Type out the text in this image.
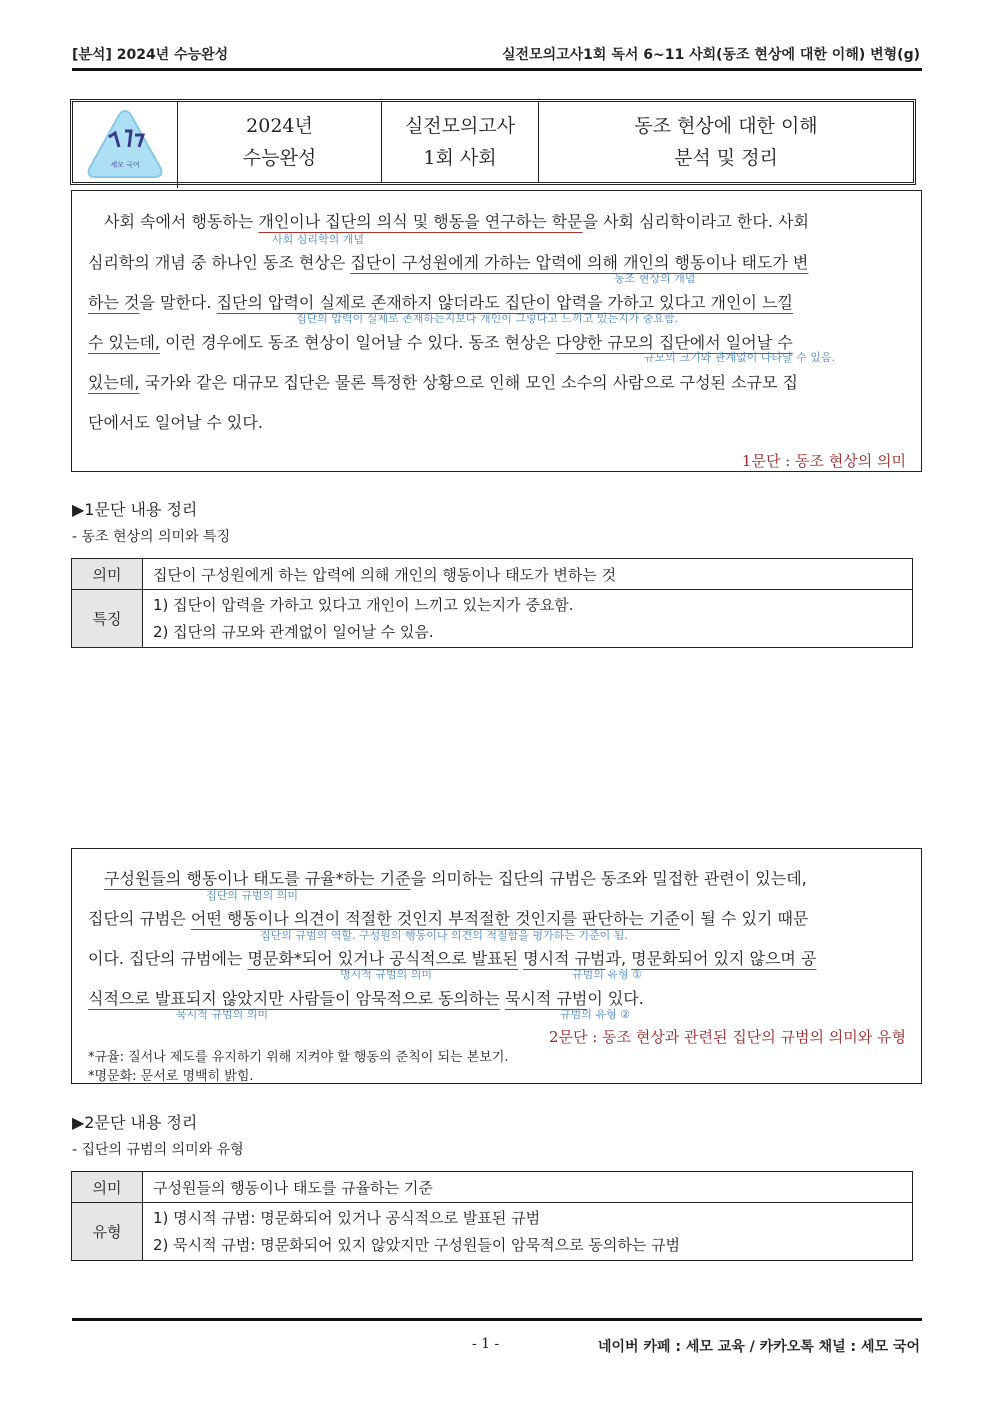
[분석] 2024년 수능완성	실전모의고사1회 독서 6~11 사회(동조 현상에 대한 이해) 변형(g)
세모 국어
2024년
수능완성
실전모의고사
1회 사회
동조 현상에 대한 이해
분석 및 정리
사회 속에서 행동하는 개인이나 집단의 의식 및 행동을 연구하는 학문을 사회 심리학이라고 한다. 사회
사회 심리학의 개념
심리학의 개념 중 하나인 동조 현상은 집단이 구성원에게 가하는 압력에 의해 개인의 행동이나 태도가 변
동조 현상의 개념
하는 것을 말한다. 집단의 압력이 실제로 존재하지 않더라도 집단이 압력을 가하고 있다고 개인이 느낄
집단의 압력이 실제로 존재하는지보다 개인이 그렇다고 느끼고 있는지가 중요함.
수 있는데, 이런 경우에도 동조 현상이 일어날 수 있다. 동조 현상은 다양한 규모의 집단에서 일어날 수
규모의 크기와 관계없이 나타날 수 있음.
있는데, 국가와 같은 대규모 집단은 물론 특정한 상황으로 인해 모인 소수의 사람으로 구성된 소규모 집
단에서도 일어날 수 있다.
1문단 : 동조 현상의 의미
▶1문단 내용 정리
- 동조 현상의 의미와 특징
의미	집단이 구성원에게 하는 압력에 의해 개인의 행동이나 태도가 변하는 것
특징	1) 집단이 압력을 가하고 있다고 개인이 느끼고 있는지가 중요함.
2) 집단의 규모와 관계없이 일어날 수 있음.
구성원들의 행동이나 태도를 규율*하는 기준을 의미하는 집단의 규범은 동조와 밀접한 관련이 있는데,
집단의 규범의 의미
집단의 규범은 어떤 행동이나 의견이 적절한 것인지 부적절한 것인지를 판단하는 기준이 될 수 있기 때문
집단의 규범의 역할. 구성원의 행동이나 의견의 적절함을 평가하는 기준이 됨.
이다. 집단의 규범에는 명문화*되어 있거나 공식적으로 발표된 명시적 규범과, 명문화되어 있지 않으며 공
명시적 규범의 의미	규범의 유형 ①
식적으로 발표되지 않았지만 사람들이 암묵적으로 동의하는 묵시적 규범이 있다.
묵시적 규범의 의미	규범의 유형 ②
2문단 : 동조 현상과 관련된 집단의 규범의 의미와 유형
*규율: 질서나 제도를 유지하기 위해 지켜야 할 행동의 준칙이 되는 본보기.
*명문화: 문서로 명백히 밝힘.
▶2문단 내용 정리
- 집단의 규범의 의미와 유형
의미	구성원들의 행동이나 태도를 규율하는 기준
유형	1) 명시적 규범: 명문화되어 있거나 공식적으로 발표된 규범
2) 묵시적 규범: 명문화되어 있지 않았지만 구성원들이 암묵적으로 동의하는 규범
- 1 -	네이버 카페 : 세모 교육 / 카카오톡 채널 : 세모 국어
